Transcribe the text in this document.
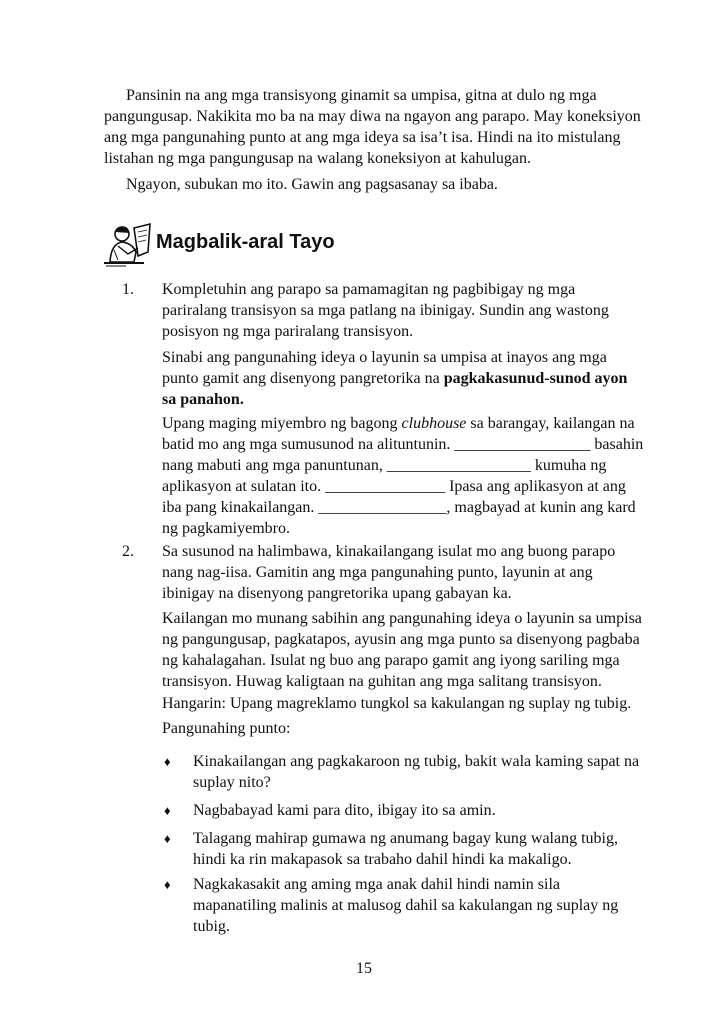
Pansinin na ang mga transisyong ginamit sa umpisa, gitna at dulo ng mga pangungusap. Nakikita mo ba na may diwa na ngayon ang parapo. May koneksiyon ang mga pangunahing punto at ang mga ideya sa isa’t isa. Hindi na ito mistulang listahan ng mga pangungusap na walang koneksiyon at kahulugan.

Ngayon, subukan mo ito. Gawin ang pagsasanay sa ibaba.

Magbalik-aral Tayo
1. Kompletuhin ang parapo sa pamamagitan ng pagbibigay ng mga pariralang transisyon sa mga patlang na ibinigay. Sundin ang wastong posisyon ng mga pariralang transisyon.

Sinabi ang pangunahing ideya o layunin sa umpisa at inayos ang mga punto gamit ang disenyong pangretorika na pagkakasunud-sunod ayon sa panahon.

Upang maging miyembro ng bagong clubhouse sa barangay, kailangan na batid mo ang mga sumusunod na alituntunin. _________________ basahin nang mabuti ang mga panuntunan, __________________ kumuha ng aplikasyon at sulatan ito. _______________ Ipasa ang aplikasyon at ang iba pang kinakailangan. ________________, magbayad at kunin ang kard ng pagkamiyembro.

2. Sa susunod na halimbawa, kinakailangang isulat mo ang buong parapo nang nag-iisa. Gamitin ang mga pangunahing punto, layunin at ang ibinigay na disenyong pangretorika upang gabayan ka.

Kailangan mo munang sabihin ang pangunahing ideya o layunin sa umpisa ng pangungusap, pagkatapos, ayusin ang mga punto sa disenyong pagbaba ng kahalagahan. Isulat ng buo ang parapo gamit ang iyong sariling mga transisyon. Huwag kaligtaan na guhitan ang mga salitang transisyon.

Hangarin: Upang magreklamo tungkol sa kakulangan ng suplay ng tubig.

Pangunahing punto:

♦ Kinakailangan ang pagkakaroon ng tubig, bakit wala kaming sapat na suplay nito?

♦ Nagbabayad kami para dito, ibigay ito sa amin.

♦ Talagang mahirap gumawa ng anumang bagay kung walang tubig, hindi ka rin makapasok sa trabaho dahil hindi ka makaligo.

♦ Nagkakasakit ang aming mga anak dahil hindi namin sila mapanatiling malinis at malusog dahil sa kakulangan ng suplay ng tubig.

15
